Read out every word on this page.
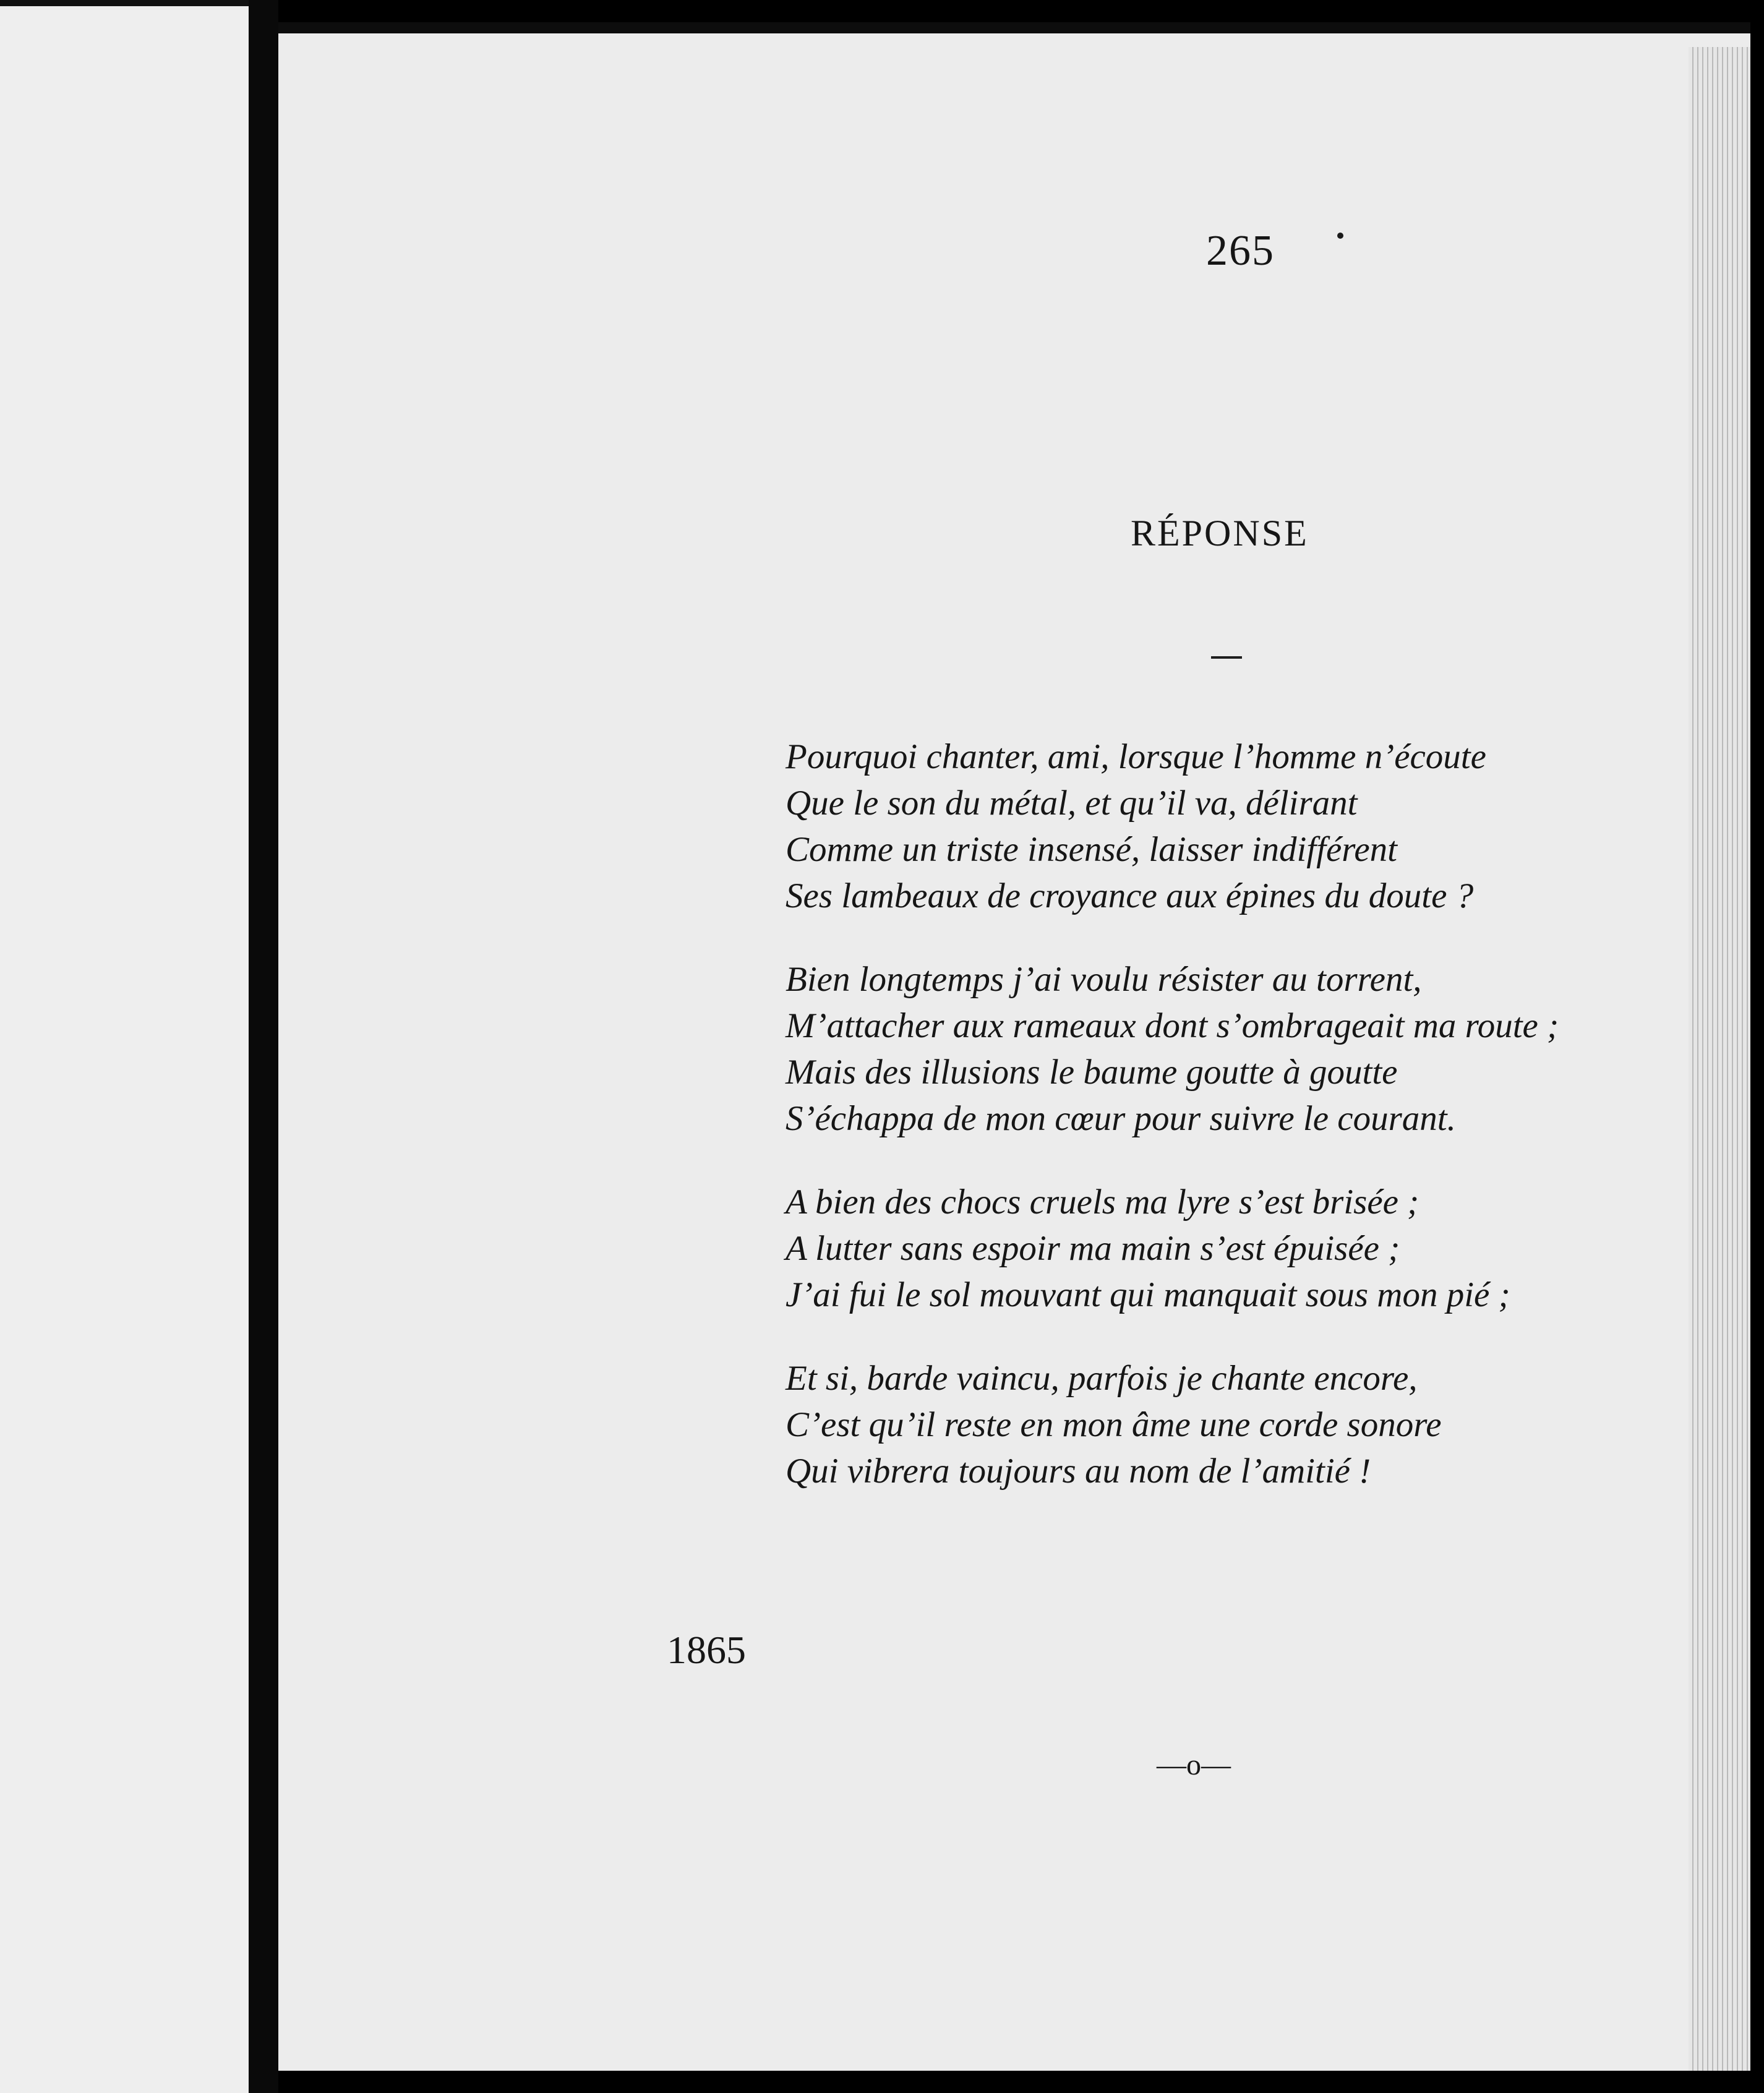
265
RÉPONSE
Pourquoi chanter, ami, lorsque l’homme n’écoute
Que le son du métal, et qu’il va, délirant
Comme un triste insensé, laisser indifférent
Ses lambeaux de croyance aux épines du doute ?
Bien longtemps j’ai voulu résister au torrent,
M’attacher aux rameaux dont s’ombrageait ma route ;
Mais des illusions le baume goutte à goutte
S’échappa de mon cœur pour suivre le courant.
A bien des chocs cruels ma lyre s’est brisée ;
A lutter sans espoir ma main s’est épuisée ;
J’ai fui le sol mouvant qui manquait sous mon pié ;
Et si, barde vaincu, parfois je chante encore,
C’est qu’il reste en mon âme une corde sonore
Qui vibrera toujours au nom de l’amitié !
1865
—o—
